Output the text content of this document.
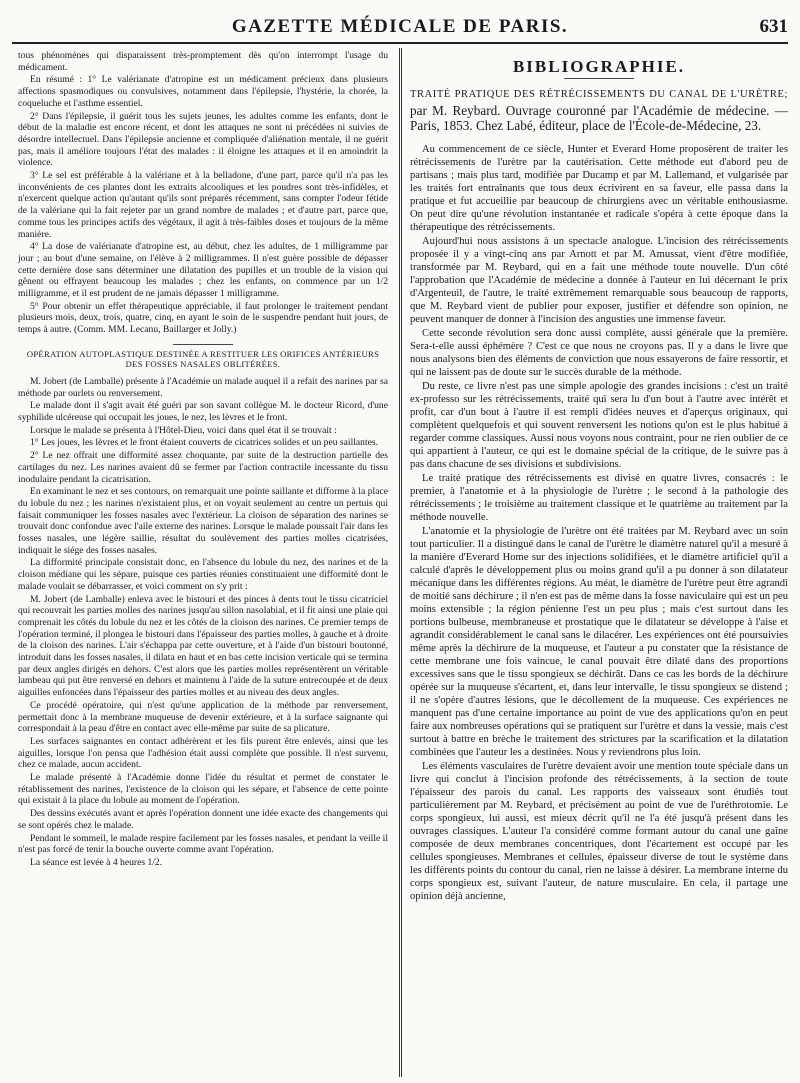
GAZETTE MÉDICALE DE PARIS.	631

tous phénomènes qui disparaissent très-promptement dès qu'on interrompt l'usage du médicament.

En résumé : 1° Le valérianate d'atropine est un médicament précieux dans plusieurs affections spasmodiques ou convulsives, notamment dans l'épilepsie, l'hystérie, la chorée, la coqueluche et l'asthme essentiel.

2° Dans l'épilepsie, il guérit tous les sujets jeunes, les adultes comme les enfants, dont le début de la maladie est encore récent, et dont les attaques ne sont ni précédées ni suivies de désordre intellectuel. Dans l'épilepsie ancienne et compliquée d'aliénation mentale, il ne guérit pas, mais il améliore toujours l'état des malades : il éloigne les attaques et il en amoindrit la violence.

3° Le sel est préférable à la valériane et à la belladone, d'une part, parce qu'il n'a pas les inconvénients de ces plantes dont les extraits alcooliques et les poudres sont très-infidèles, et n'exercent quelque action qu'autant qu'ils sont préparés récemment, sans compter l'odeur fétide de la valériane qui la fait rejeter par un grand nombre de malades ; et d'autre part, parce que, comme tous les principes actifs des végétaux, il agit à très-faibles doses et toujours de la même manière.

4° La dose de valérianate d'atropine est, au début, chez les adultes, de 1 milligramme par jour ; au bout d'une semaine, on l'élève à 2 milligrammes. Il n'est guère possible de dépasser cette dernière dose sans déterminer une dilatation des pupilles et un trouble de la vision qui gênent ou effrayent beaucoup les malades ; chez les enfants, on commence par un 1/2 milligramme, et il est prudent de ne jamais dépasser 1 milligramme.

5° Pour obtenir un effet thérapeutique appréciable, il faut prolonger le traitement pendant plusieurs mois, deux, trois, quatre, cinq, en ayant le soin de le suspendre pendant huit jours, de temps à autre. (Comm. MM. Lecanu, Baillarger et Jolly.)

OPÉRATION AUTOPLASTIQUE DESTINÉE A RESTITUER LES ORIFICES ANTÉRIEURS DES FOSSES NASALES OBLITÉRÉES.

M. Jobert (de Lamballe) présente à l'Académie un malade auquel il a refait des narines par sa méthode par ourlets ou renversement.

Le malade dont il s'agit avait été guéri par son savant collègue M. le docteur Ricord, d'une syphilide ulcéreuse qui occupait les joues, le nez, les lèvres et le front.

Lorsque le malade se présenta à l'Hôtel-Dieu, voici dans quel état il se trouvait :

1° Les joues, les lèvres et le front étaient couverts de cicatrices solides et un peu saillantes.

2° Le nez offrait une difformité assez choquante, par suite de la destruction partielle des cartilages du nez. Les narines avaient dû se fermer par l'action contractile incessante du tissu inodulaire pendant la cicatrisation.

En examinant le nez et ses contours, on remarquait une pointe saillante et difforme à la place du lobule du nez ; les narines n'existaient plus, et on voyait seulement au centre un pertuis qui faisait communiquer les fosses nasales avec l'extérieur. La cloison de séparation des narines se trouvait donc confondue avec l'aile externe des narines. Lorsque le malade poussait l'air dans les fosses nasales, une légère saillie, résultat du soulèvement des parties molles cicatrisées, indiquait le siége des fosses nasales.

La difformité principale consistait donc, en l'absence du lobule du nez, des narines et de la cloison médiane qui les sépare, puisque ces parties réunies constituaient une difformité dont le malade voulait se débarrasser, et voici comment on s'y prit :

M. Jobert (de Lamballe) enleva avec le bistouri et des pinces à dents tout le tissu cicatriciel qui recouvrait les parties molles des narines jusqu'au sillon nasolabial, et il fit ainsi une plaie qui comprenait les côtés du lobule du nez et les côtés de la cloison des narines. Ce premier temps de l'opération terminé, il plongea le bistouri dans l'épaisseur des parties molles, à gauche et à droite de la cloison des narines. L'air s'échappa par cette ouverture, et à l'aide d'un bistouri boutonné, introduit dans les fosses nasales, il dilata en haut et en bas cette incision verticale qui se termina par deux angles dirigés en dehors. C'est alors que les parties molles représentèrent un véritable lambeau qui put être renversé en dehors et maintenu à l'aide de la suture entrecoupée et de deux aiguilles enfoncées dans l'épaisseur des parties molles et au niveau des deux angles.

Ce procédé opératoire, qui n'est qu'une application de la méthode par renversement, permettait donc à la membrane muqueuse de devenir extérieure, et à la surface saignante qui correspondait à la peau d'être en contact avec elle-même par suite de sa plicature.

Les surfaces saignantes en contact adhérèrent et les fils purent être enlevés, ainsi que les aiguilles, lorsque l'on pensa que l'adhésion était aussi complète que possible. Il n'est survenu, chez ce malade, aucun accident.

Le malade présenté à l'Académie donne l'idée du résultat et permet de constater le rétablissement des narines, l'existence de la cloison qui les sépare, et l'absence de cette pointe qui existait à la place du lobule au moment de l'opération.

Des dessins exécutés avant et après l'opération donnent une idée exacte des changements qui se sont opérés chez le malade.

Pendant le sommeil, le malade respire facilement par les fosses nasales, et pendant la veille il n'est pas forcé de tenir la bouche ouverte comme avant l'opération.

La séance est levée à 4 heures 1/2.

BIBLIOGRAPHIE.
TRAITÉ PRATIQUE DES RÉTRÉCISSEMENTS DU CANAL DE L'URÈTRE; par M. Reybard. Ouvrage couronné par l'Académie de médecine. — Paris, 1853. Chez Labé, éditeur, place de l'École-de-Médecine, 23.

Au commencement de ce siècle, Hunter et Everard Home proposèrent de traiter les rétrécissements de l'urètre par la cautérisation. Cette méthode eut d'abord peu de partisans ; mais plus tard, modifiée par Ducamp et par M. Lallemand, et vulgarisée par les traités fort entraînants que tous deux écrivirent en sa faveur, elle passa dans la pratique et fut accueillie par beaucoup de chirurgiens avec un véritable enthousiasme. On peut dire qu'une révolution instantanée et radicale s'opéra à cette époque dans la thérapeutique des rétrécissements.

Aujourd'hui nous assistons à un spectacle analogue. L'incision des rétrécissements proposée il y a vingt-cinq ans par Arnott et par M. Amussat, vient d'être modifiée, transformée par M. Reybard, qui en a fait une méthode toute nouvelle. D'un côté l'approbation que l'Académie de médecine a donnée à l'auteur en lui décernant le prix d'Argenteuil, de l'autre, le traité extrêmement remarquable sous beaucoup de rapports, que M. Reybard vient de publier pour exposer, justifier et défendre son opinion, ne peuvent manquer de donner à l'incision des angusties une immense faveur.

Cette seconde révolution sera donc aussi complète, aussi générale que la première. Sera-t-elle aussi éphémère ? C'est ce que nous ne croyons pas. Il y a dans le livre que nous analysons bien des éléments de conviction que nous essayerons de faire ressortir, et qui ne laissent pas de doute sur le succès durable de la méthode.

Du reste, ce livre n'est pas une simple apologie des grandes incisions : c'est un traité ex-professo sur les rétrécissements, traité qui sera lu d'un bout à l'autre avec intérêt et profit, car d'un bout à l'autre il est rempli d'idées neuves et d'aperçus originaux, qui complètent quelquefois et qui souvent renversent les notions qu'on est le plus habitué à regarder comme classiques. Aussi nous voyons nous contraint, pour ne rien oublier de ce qui appartient à l'auteur, ce qui est le domaine spécial de la critique, de le suivre pas à pas dans chacune de ses divisions et subdivisions.

Le traité pratique des rétrécissements est divisé en quatre livres, consacrés : le premier, à l'anatomie et à la physiologie de l'urètre ; le second à la pathologie des rétrécissements ; le troisième au traitement classique et le quatrième au traitement par la méthode nouvelle.

L'anatomie et la physiologie de l'urètre ont été traitées par M. Reybard avec un soin tout particulier. Il a distingué dans le canal de l'urètre le diamètre naturel qu'il a mesuré à la manière d'Everard Home sur des injections solidifiées, et le diamètre artificiel qu'il a calculé d'après le développement plus ou moins grand qu'il a pu donner à son dilatateur mécanique dans les différentes régions. Au méat, le diamètre de l'urètre peut être agrandi de moitié sans déchirure ; il n'en est pas de même dans la fosse naviculaire qui est un peu moins extensible ; la région pénienne l'est un peu plus ; mais c'est surtout dans les portions bulbeuse, membraneuse et prostatique que le dilatateur se développe à l'aise et agrandit considérablement le canal sans le dilacérer. Les expériences ont été poursuivies même après la déchirure de la muqueuse, et l'auteur a pu constater que la résistance de cette membrane une fois vaincue, le canal pouvait être dilaté dans des proportions excessives sans que le tissu spongieux se déchirât. Dans ce cas les bords de la déchirure opérée sur la muqueuse s'écartent, et, dans leur intervalle, le tissu spongieux se distend ; il ne s'opère d'autres lésions, que le décollement de la muqueuse. Ces expériences ne manquent pas d'une certaine importance au point de vue des applications qu'on en peut faire aux nombreuses opérations qui se pratiquent sur l'urètre et dans la vessie, mais c'est surtout à battre en brèche le traitement des strictures par la scarification et la dilatation combinées que l'auteur les a destinées. Nous y reviendrons plus loin.

Les éléments vasculaires de l'urètre devaient avoir une mention toute spéciale dans un livre qui conclut à l'incision profonde des rétrécissements, à la section de toute l'épaisseur des parois du canal. Les rapports des vaisseaux sont étudiés tout particulièrement par M. Reybard, et précisément au point de vue de l'uréthrotomie. Le corps spongieux, lui aussi, est mieux décrit qu'il ne l'a été jusqu'à présent dans les ouvrages classiques. L'auteur l'a considéré comme formant autour du canal une gaîne composée de deux membranes concentriques, dont l'écartement est occupé par les cellules spongieuses. Membranes et cellules, épaisseur diverse de tout le système dans les différents points du contour du canal, rien ne laisse à désirer. La membrane interne du corps spongieux est, suivant l'auteur, de nature musculaire. En cela, il partage une opinion déjà ancienne,
